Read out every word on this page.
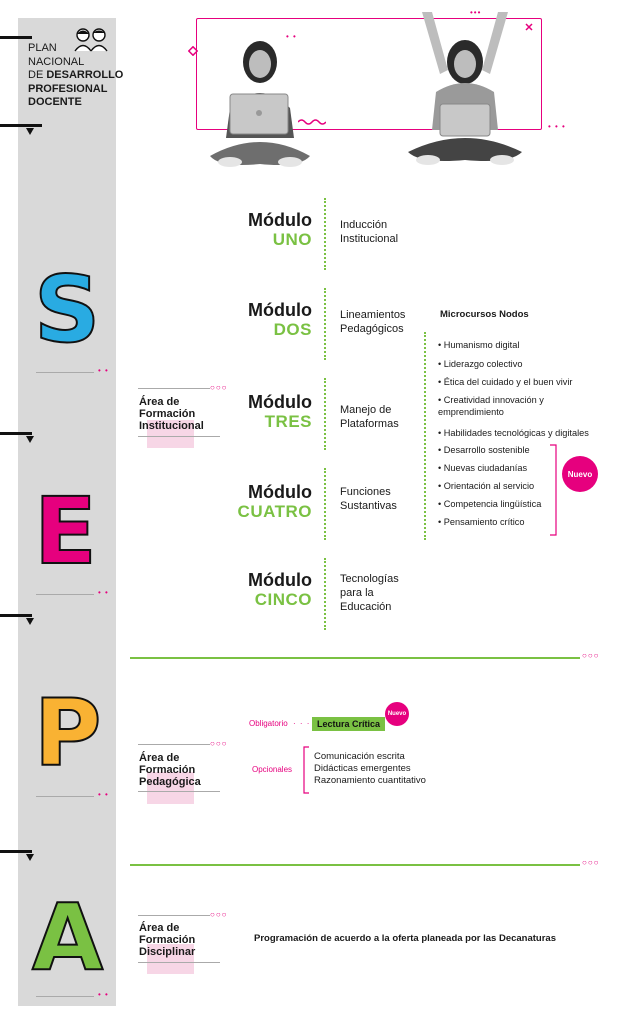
PLAN
NACIONAL
DE DESARROLLO
PROFESIONAL
DOCENTE
S
• •
E
• •
P
• •
A
• •
•••
• •
• • •
○○○
Área de
Formación
Institucional
Módulo
UNO
Inducción
Institucional
Módulo
DOS
Lineamientos
Pedagógicos
Módulo
TRES
Manejo de
Plataformas
Módulo
CUATRO
Funciones
Sustantivas
Módulo
CINCO
Tecnologías
para la
Educación
Microcursos Nodos
• Humanismo digital
• Liderazgo colectivo
• Ética del cuidado y el buen vivir
• Creatividad innovación y
emprendimiento
• Habilidades tecnológicas y digitales
• Desarrollo sostenible
• Nuevas ciudadanías
• Orientación al servicio
• Competencia lingüística
• Pensamiento crítico
Nuevo
○○○
○○○
Área de
Formación
Pedagógica
Obligatorio · · · Lectura Crítica
Nuevo
Opcionales
Comunicación escrita
Didácticas emergentes
Razonamiento cuantitativo
○○○
○○○
Área de
Formación
Disciplinar
Programación de acuerdo a la oferta planeada por las Decanaturas
